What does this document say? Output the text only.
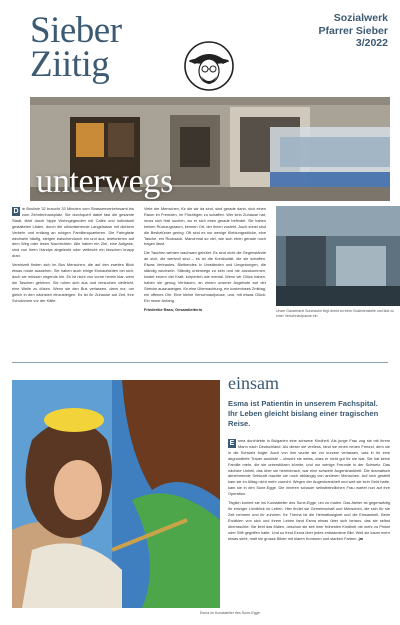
Sieber
Ziitig
Sozialwerk
Pfarrer Sieber
3/2022
unterwegs

D ie Buslinie 32 braucht 33 Minuten vom Strassenverkehrsamt bis zum Zehntenhausplatz. Sie durchquert dabei fast die gesamte Stadt, fährt durch hippe Wohngegenden mit Cafés und individuell gestalteten Läden, durch die urbanisierende Langstrasse mit dichtem Verkehr und entlang an ruhigen Familienquartieren. Die Fahrgäste wechseln häufig, steigen zwischendurch ein und aus, telefonieren auf dem Weg oder lesen Nachrichten. Alle haben ein Ziel, eine Aufgabe, sind von ihren Handys abgelenkt oder vielleicht ein bisschen knapp dran.

Vereinzelt finden sich im Bus Menschen, die auf den zweiten Blick etwas müde aussehen. Sie haben auch einige Einkaufstüten bei sich, doch sie müssen nirgends hin. Es ist nicht von vorne herein klar, wem die Taschen gehören. Sie ruhen sich aus und versuchen vielleicht, eine Weile zu dösen. Wenn sie den Bus verlassen, dann nur, um gleich in den nächsten einzusteigen. Es ist ihr Zuhause auf Zeit, ihre Schutzzone vor der Kälte.

Viele der Menschen, für die wir da sind, sind gerade darin, sich einen Raum im Fremden, im Flüchtigen zu schaffen. Wer kein Zuhause hat, muss sich Halt suchen, wo er sich eben gerade befindet. Sie haben keinen Rückzugsraum, kennen Ort, der ihnen zusteht. Auch sonst sind die Besitztümer gering: Oft sind es nur wenige Kleidungsstücke, eine Tasche, ein Rucksack. Manchmal so viel, wie sich eben gerade noch tragen lässt.

Die Taschen werden wachsam gehütet. Es sind nicht die Gegenstände an sich, die wertvoll sind – es ist die Kontinuität, die sie schaffen. Etwas Vertrautes, Bleibendes in Umständen und Umgebungen, die ständig wechseln. Ständig unterwegs zu sein und nie anzukommen, kostet enorm viel Kraft, körperlich wie mental. Wenn wir Glück haben, haben sie genug Vertrauen, an einem unserer Angebote auf der Strecke auszusteigen, für eine Übernachtung, ein kostenloses Zmittag, ein offenes Ohr. Eine kleine Verschnaufpause, und, mit etwas Glück: Ein neuer Anfang.

Friederike Rass, Gesamtleiterin	Unser Gassenarzt Sunestube liegt direkt an einer Buslinienstelle und lädt zu einer Verschnaufpause ein.
Esma im Kunstatelier des Sune-Egge.
einsam
Esma ist Patientin in unserem Fachspital. Ihr Leben gleicht bislang einer tragischen Reise.

E sma durchlebte in Bulgarien eine schwere Kindheit. Als junge Frau zog sie mit ihrem Mann nach Deutschland. Als dieser sie verliess, fand sie einen neuen Freund, dem sie in die Schweiz folgte. Auch von ihm wurde sie vor kurzem verlassen, was in ihr eine abgrundtiefe Trauer auslöste – obwohl sie weiss, dass er nicht gut für sie war. Sie hat keine Familie mehr, die sie unterstützen könnte, und nur wenige Freunde in der Schweiz. Das nächste Unheil, das über sie hereinbrach, war eine schwere Augenkrankheit. Die dramatisch abnehmende Sehkraft machte sie noch abhängig von anderen Menschen. Auf sich gestellt kam sie im Alltag nicht mehr zurecht. Wegen der Augenkrankheit und weil sie kein Geld hatte, kam sie in den Sune-Egge. Die inneren schauer selbstfeindlichen Frau wartet nun auf ihre Operation.

Täglich kommt sie ins Kunstatelier des Sune-Egge, um zu malen. Das Atelier ist gegenwärtig ihr einziger Lichtblick im Leben. Hier findet sie Gemeinschaft und Menschen, die sich für sie Zeit nehmen und ihr zuhören. Ihr Thema ist die Heimatlosigkeit und die Einsamkeit. Beim Erzählen von sich und ihrem Leben fand Esma etwas über sich heraus, das sie selbst überraschte: Sie liebt das Malen, obschon sie seit ihrer frühesten Kindheit nie mehr zu Pinsel oder Stift gegriffen hatte. Und so freut Esma über jedes entstandene Bild. Weil sie kaum mehr etwas sieht, malt sie grosse Bilder mit klaren Konturen und starken Farben. jm
